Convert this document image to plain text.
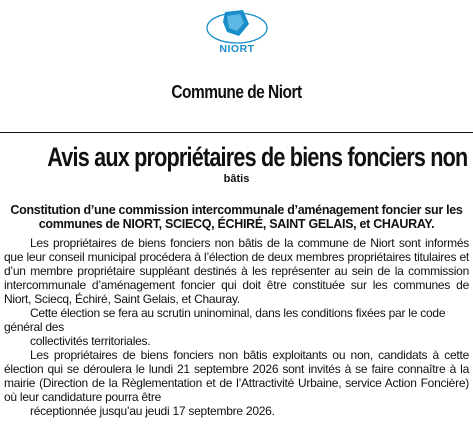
NIORT
Commune de Niort
Avis aux propriétaires de biens fonciers non
bâtis
Constitution d’une commission intercommunale d’aménagement foncier sur les communes de NIORT, SCIECQ, ÉCHIRÉ, SAINT GELAIS, et CHAURAY.

Les propriétaires de biens fonciers non bâtis de la commune de Niort sont informés que leur conseil municipal procédera à l’élection de deux membres propriétaires titulaires et d’un membre propriétaire suppléant destinés à les représenter au sein de la commission intercommunale d’aménagement foncier qui doit être constituée sur les communes de Niort, Sciecq, Échiré, Saint Gelais, et Chauray.

Cette élection se fera au scrutin uninominal, dans les conditions fixées par le code général des

collectivités territoriales.

Les propriétaires de biens fonciers non bâtis exploitants ou non, candidats à cette élection qui se déroulera le lundi 21 septembre 2026 sont invités à se faire connaître à la mairie (Direction de la Règlementation et de l’Attractivité Urbaine, service Action Foncière) où leur candidature pourra être

réceptionnée jusqu’au jeudi 17 septembre 2026.
